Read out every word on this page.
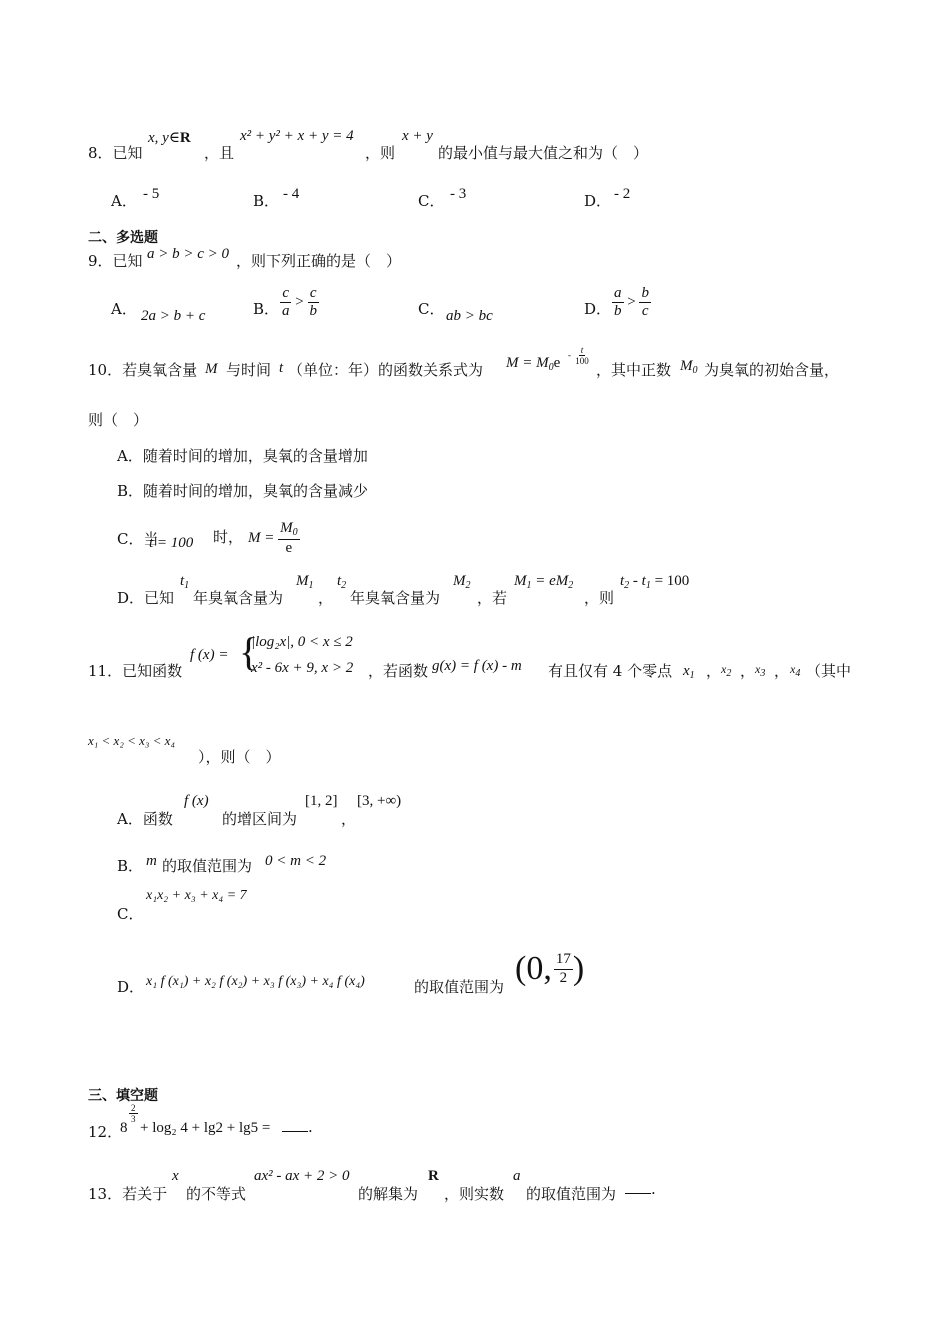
8．已知
x, y∈R
，且
x² + y² + x + y = 4
，则
x + y
的最小值与最大值之和为（　）
A． - 5	B． - 4	C． - 3	D． - 2
二、多选题
9．已知 a > b > c > 0 ，则下列正确的是（　）
A． 2a > b + c	B． $\frac{c}{a} > \frac{c}{b}$	C． ab > bc	D． $\frac{a}{b} > \frac{b}{c}$
10．若臭氧含量 M 与时间 t （单位：年）的函数关系式为 $M = M_0e$
- $\frac{t}{100}$
，其中正数 $M_0$ 为臭氧的初始含量，
则（　）
A．随着时间的增加，臭氧的含量增加
B．随着时间的增加，臭氧的含量减少
C．当
t = 100 时， $M = \frac{M_0}{e}$
D．已知
$t_1$
年臭氧含量为
$M_1$
，
$t_2$
年臭氧含量为
$M_2$
，若
$M_1 = eM_2$
，则
$t_2 - t_1 = 100$
11．已知函数
f (x) = {
|log₂x|, 0 < x ≤ 2
x² - 6x + 9, x > 2 ，若函数 g(x) = f (x) - m 有且仅有 4 个零点 $x_1$ ， $x_2$ ， $x_3$ ， $x_4$ （其中
x₁ < x₂ < x₃ < x₄
），则（　）
A．函数
f (x)
的增区间为
[1, 2]
，
[3, +∞)
B． m 的取值范围为 0 < m < 2
C．
x₁x₂ + x₃ + x₄ = 7
D． x₁ f (x₁) + x₂ f (x₂) + x₃ f (x₃) + x₄ f (x₄)	的取值范围为 (0, $\frac{17}{2}$ )
三、填空题
12．
8
$\frac{2}{3}$
+ log₂ 4 + lg2 + lg5 =	.
13．若关于
x
的不等式
ax² - ax + 2 > 0
的解集为
R
，则实数
a
的取值范围为	.
